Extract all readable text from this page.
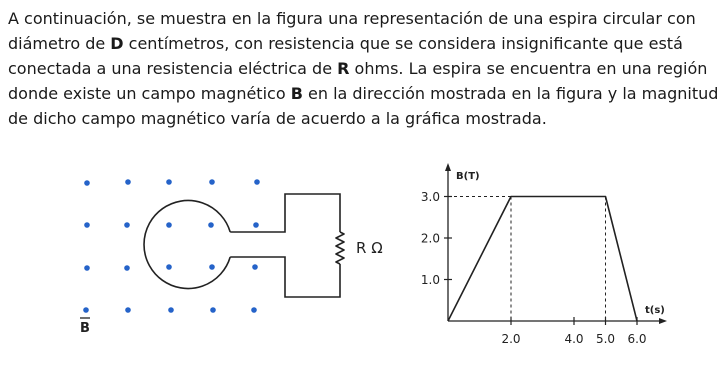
A continuación, se muestra en la figura una representación de una espira circular con diámetro de D centímetros, con resistencia que se considera insignificante que está conectada a una resistencia eléctrica de R ohms. La espira se encuentra en una región donde existe un campo magnético B en la dirección mostrada en la figura y la magnitud de dicho campo magnético varía de acuerdo a la gráfica mostrada.
B
R Ω
B(T)
t(s)
1.0
2.0
3.0
2.0	4.0 5.0 6.0
